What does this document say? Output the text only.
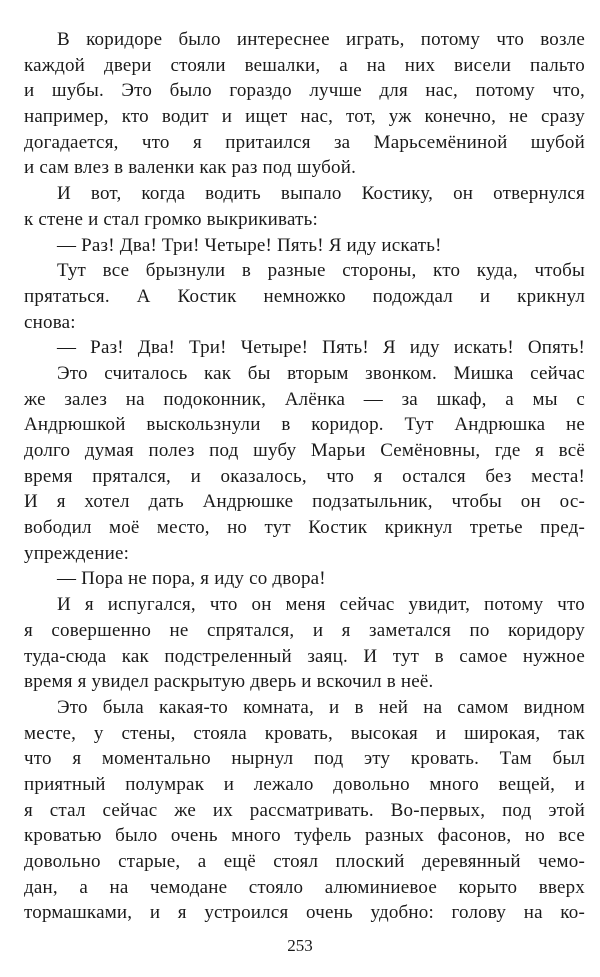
В коридоре было интереснее играть, потому что возле
каждой двери стояли вешалки, а на них висели пальто
и шубы. Это было гораздо лучше для нас, потому что,
например, кто водит и ищет нас, тот, уж конечно, не сразу
догадается, что я притаился за Марьсемёниной шубой
и сам влез в валенки как раз под шубой.
И вот, когда водить выпало Костику, он отвернулся
к стене и стал громко выкрикивать:
— Раз! Два! Три! Четыре! Пять! Я иду искать!
Тут все брызнули в разные стороны, кто куда, чтобы
прятаться. А Костик немножко подождал и крикнул
снова:
— Раз! Два! Три! Четыре! Пять! Я иду искать! Опять!
Это считалось как бы вторым звонком. Мишка сейчас
же залез на подоконник, Алёнка — за шкаф, а мы с
Андрюшкой выскользнули в коридор. Тут Андрюшка не
долго думая полез под шубу Марьи Семёновны, где я всё
время прятался, и оказалось, что я остался без места!
И я хотел дать Андрюшке подзатыльник, чтобы он ос-
вободил моё место, но тут Костик крикнул третье пред-
упреждение:
— Пора не пора, я иду со двора!
И я испугался, что он меня сейчас увидит, потому что
я совершенно не спрятался, и я заметался по коридору
туда-сюда как подстреленный заяц. И тут в самое нужное
время я увидел раскрытую дверь и вскочил в неё.
Это была какая-то комната, и в ней на самом видном
месте, у стены, стояла кровать, высокая и широкая, так
что я моментально нырнул под эту кровать. Там был
приятный полумрак и лежало довольно много вещей, и
я стал сейчас же их рассматривать. Во-первых, под этой
кроватью было очень много туфель разных фасонов, но все
довольно старые, а ещё стоял плоский деревянный чемо-
дан, а на чемодане стояло алюминиевое корыто вверх
тормашками, и я устроился очень удобно: голову на ко-
253
